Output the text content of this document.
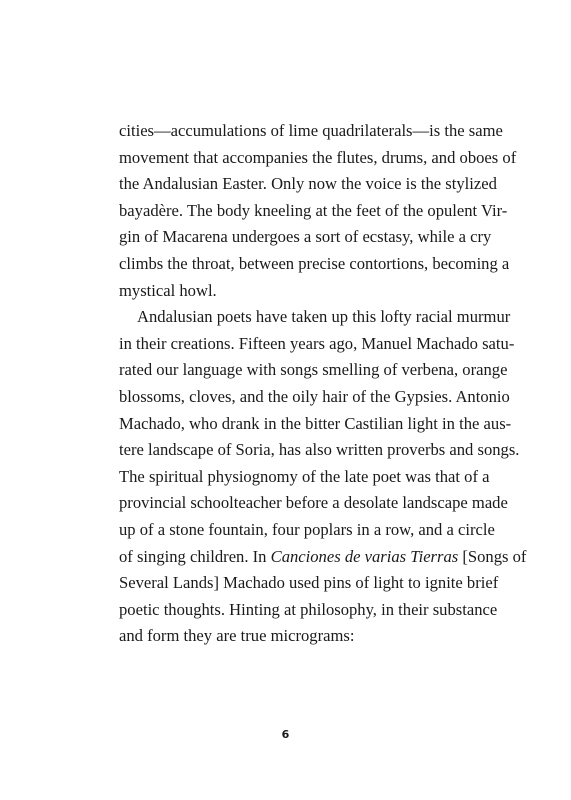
cities—accumulations of lime quadrilaterals—is the same
movement that accompanies the flutes, drums, and oboes of
the Andalusian Easter. Only now the voice is the stylized
bayadère. The body kneeling at the feet of the opulent Vir-
gin of Macarena undergoes a sort of ecstasy, while a cry
climbs the throat, between precise contortions, becoming a
mystical howl.
Andalusian poets have taken up this lofty racial murmur
in their creations. Fifteen years ago, Manuel Machado satu-
rated our language with songs smelling of verbena, orange
blossoms, cloves, and the oily hair of the Gypsies. Antonio
Machado, who drank in the bitter Castilian light in the aus-
tere landscape of Soria, has also written proverbs and songs.
The spiritual physiognomy of the late poet was that of a
provincial schoolteacher before a desolate landscape made
up of a stone fountain, four poplars in a row, and a circle
of singing children. In Canciones de varias Tierras [Songs of
Several Lands] Machado used pins of light to ignite brief
poetic thoughts. Hinting at philosophy, in their substance
and form they are true micrograms:
6
